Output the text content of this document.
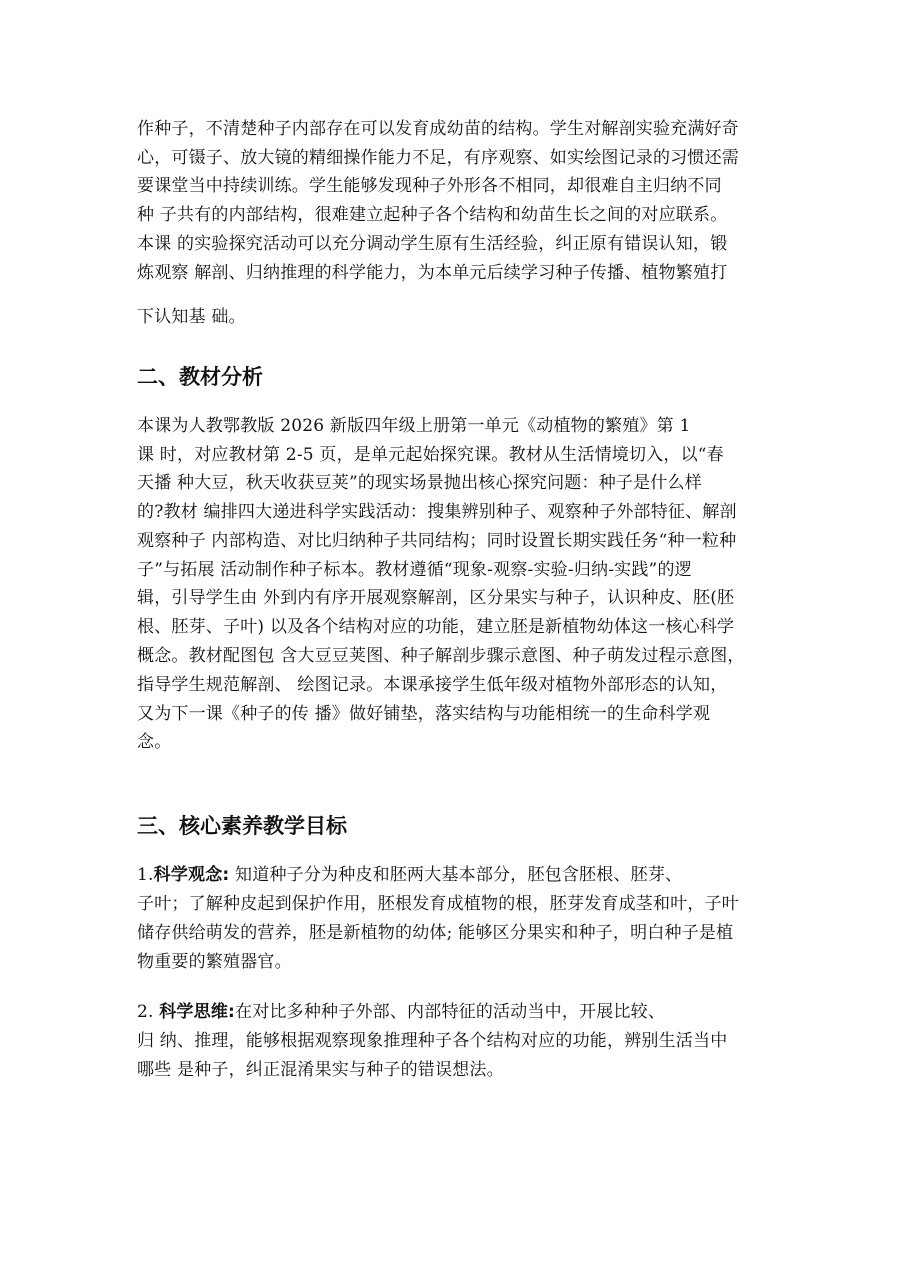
作种子，不清楚种子内部存在可以发育成幼苗的结构。学生对解剖实验充满好奇
心，可镊子、放大镜的精细操作能力不足，有序观察、如实绘图记录的习惯还需
要课堂当中持续训练。学生能够发现种子外形各不相同，却很难自主归纳不同
种 子共有的内部结构，很难建立起种子各个结构和幼苗生长之间的对应联系。
本课 的实验探究活动可以充分调动学生原有生活经验，纠正原有错误认知，锻
炼观察 解剖、归纳推理的科学能力，为本单元后续学习种子传播、植物繁殖打
下认知基 础。
二、教材分析
本课为人教鄂教版 2026 新版四年级上册第一单元《动植物的繁殖》第 1
课 时，对应教材第 2-5 页，是单元起始探究课。教材从生活情境切入，以“春
天播 种大豆，秋天收获豆荚”的现实场景抛出核心探究问题：种子是什么样
的?教材 编排四大递进科学实践活动：搜集辨别种子、观察种子外部特征、解剖
观察种子 内部构造、对比归纳种子共同结构；同时设置长期实践任务“种一粒种
子”与拓展 活动制作种子标本。教材遵循“现象-观察-实验-归纳-实践”的逻
辑，引导学生由 外到内有序开展观察解剖，区分果实与种子，认识种皮、胚(胚
根、胚芽、子叶) 以及各个结构对应的功能，建立胚是新植物幼体这一核心科学
概念。教材配图包 含大豆豆荚图、种子解剖步骤示意图、种子萌发过程示意图，
指导学生规范解剖、 绘图记录。本课承接学生低年级对植物外部形态的认知，
又为下一课《种子的传 播》做好铺垫，落实结构与功能相统一的生命科学观
念。
三、核心素养教学目标
1.科学观念: 知道种子分为种皮和胚两大基本部分，胚包含胚根、胚芽、
子叶；了解种皮起到保护作用，胚根发育成植物的根，胚芽发育成茎和叶，子叶
储存供给萌发的营养，胚是新植物的幼体; 能够区分果实和种子，明白种子是植
物重要的繁殖器官。
2. 科学思维:在对比多种种子外部、内部特征的活动当中，开展比较、
归 纳、推理，能够根据观察现象推理种子各个结构对应的功能，辨别生活当中
哪些 是种子，纠正混淆果实与种子的错误想法。
